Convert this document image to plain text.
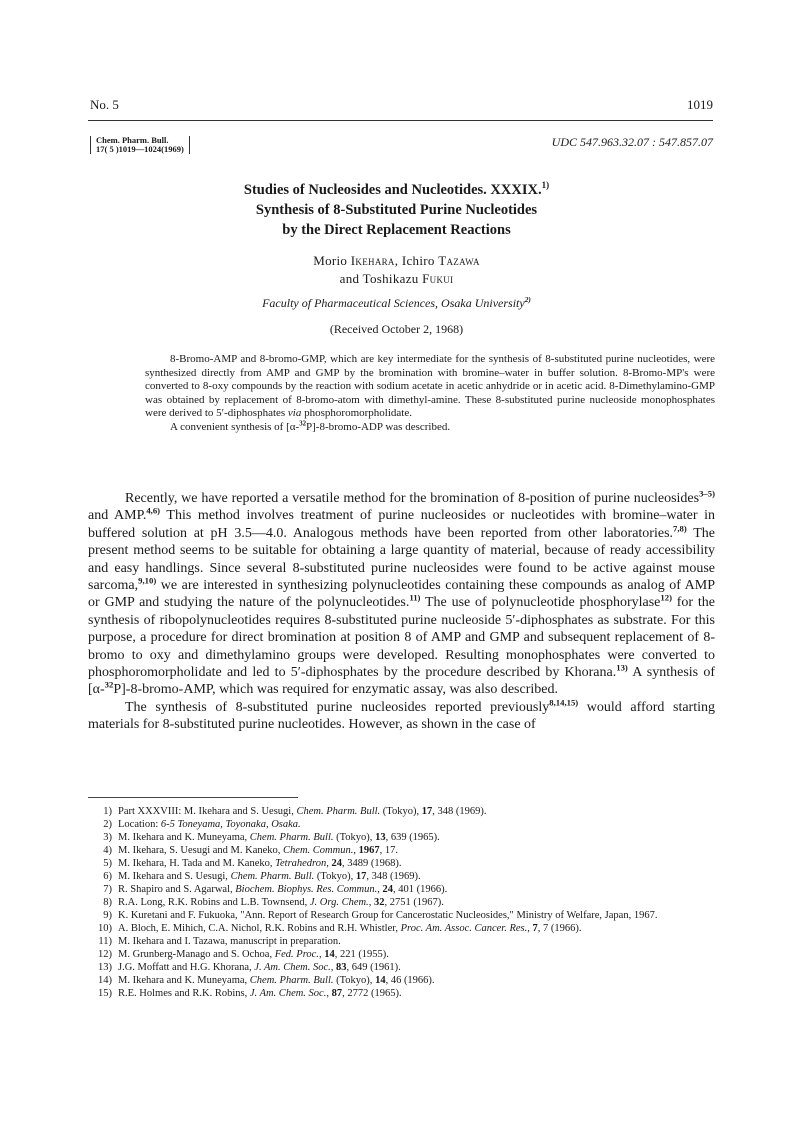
No. 5	1019
Chem. Pharm. Bull.
17( 5 )1019—1024(1969)	UDC 547.963.32.07 : 547.857.07
Studies of Nucleosides and Nucleotides. XXXIX.$^{1)}$
Synthesis of 8-Substituted Purine Nucleotides
by the Direct Replacement Reactions
Morio Ikehara, Ichiro Tazawa
and Toshikazu Fukui
Faculty of Pharmaceutical Sciences, Osaka University$^{2)}$
(Received October 2, 1968)

8-Bromo-AMP and 8-bromo-GMP, which are key intermediate for the synthesis of 8-substituted purine nucleotides, were synthesized directly from AMP and GMP by the bromination with bromine–water in buffer solution. 8-Bromo-MP's were converted to 8-oxy compounds by the reaction with sodium acetate in acetic anhydride or in acetic acid. 8-Dimethylamino-GMP was obtained by replacement of 8-bromo-atom with dimethyl-amine. These 8-substituted purine nucleoside monophosphates were derived to 5′-diphosphates via phosphoromorpholidate.

A convenient synthesis of [α-$^{32}$P]-8-bromo-ADP was described.

Recently, we have reported a versatile method for the bromination of 8-position of purine nucleosides$^{3-5)}$ and AMP.$^{4,6)}$ This method involves treatment of purine nucleosides or nucleotides with bromine–water in buffered solution at pH 3.5—4.0. Analogous methods have been reported from other laboratories.$^{7,8)}$ The present method seems to be suitable for obtaining a large quantity of material, because of ready accessibility and easy handlings. Since several 8-substituted purine nucleosides were found to be active against mouse sarcoma,$^{9,10)}$ we are interested in synthesizing polynucleotides containing these compounds as analog of AMP or GMP and studying the nature of the polynucleotides.$^{11)}$ The use of polynucleotide phosphorylase$^{12)}$ for the synthesis of ribopolynucleotides requires 8-substituted purine nucleoside 5′-diphosphates as substrate. For this purpose, a procedure for direct bromination at position 8 of AMP and GMP and subsequent replacement of 8-bromo to oxy and dimethylamino groups were developed. Resulting monophosphates were converted to phosphoromorpholidate and led to 5′-diphosphates by the procedure described by Khorana.$^{13)}$ A synthesis of [α-$^{32}$P]-8-bromo-AMP, which was required for enzymatic assay, was also described.

The synthesis of 8-substituted purine nucleosides reported previously$^{8,14,15)}$ would afford starting materials for 8-substituted purine nucleotides. However, as shown in the case of

1) Part XXXVIII: M. Ikehara and S. Uesugi, Chem. Pharm. Bull. (Tokyo), 17, 348 (1969).
2) Location: 6-5 Toneyama, Toyonaka, Osaka.
3) M. Ikehara and K. Muneyama, Chem. Pharm. Bull. (Tokyo), 13, 639 (1965).
4) M. Ikehara, S. Uesugi and M. Kaneko, Chem. Commun., 1967, 17.
5) M. Ikehara, H. Tada and M. Kaneko, Tetrahedron, 24, 3489 (1968).
6) M. Ikehara and S. Uesugi, Chem. Pharm. Bull. (Tokyo), 17, 348 (1969).
7) R. Shapiro and S. Agarwal, Biochem. Biophys. Res. Commun., 24, 401 (1966).
8) R.A. Long, R.K. Robins and L.B. Townsend, J. Org. Chem., 32, 2751 (1967).
9) K. Kuretani and F. Fukuoka, "Ann. Report of Research Group for Cancerostatic Nucleosides," Ministry of Welfare, Japan, 1967.
10) A. Bloch, E. Mihich, C.A. Nichol, R.K. Robins and R.H. Whistler, Proc. Am. Assoc. Cancer. Res., 7, 7 (1966).
11) M. Ikehara and I. Tazawa, manuscript in preparation.
12) M. Grunberg-Manago and S. Ochoa, Fed. Proc., 14, 221 (1955).
13) J.G. Moffatt and H.G. Khorana, J. Am. Chem. Soc., 83, 649 (1961).
14) M. Ikehara and K. Muneyama, Chem. Pharm. Bull. (Tokyo), 14, 46 (1966).
15) R.E. Holmes and R.K. Robins, J. Am. Chem. Soc., 87, 2772 (1965).
